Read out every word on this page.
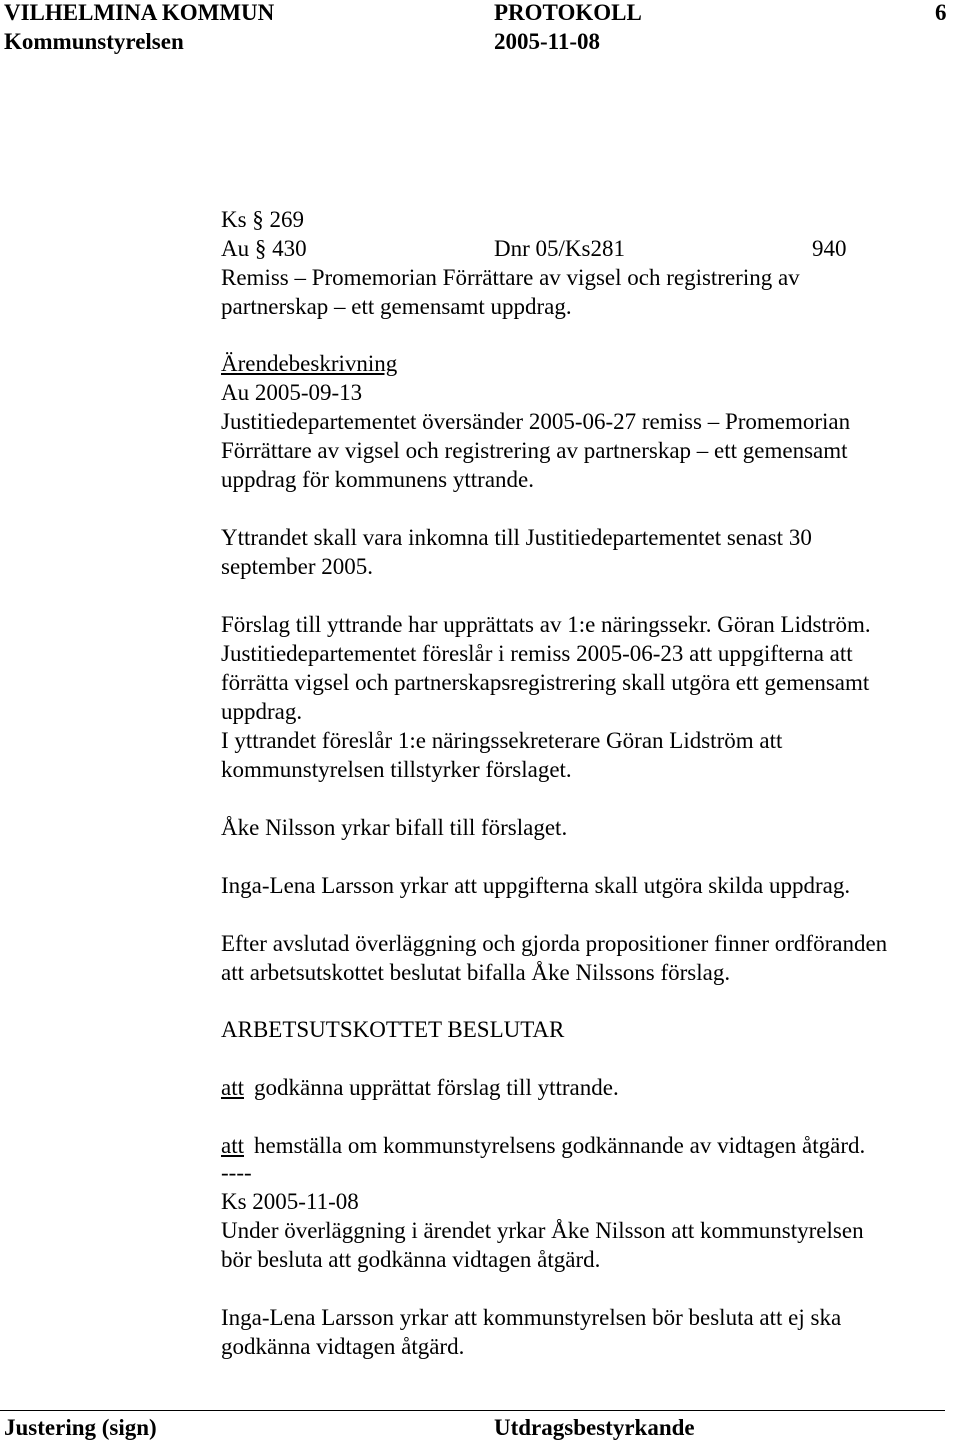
VILHELMINA KOMMUN	PROTOKOLL	6
Kommunstyrelsen	2005-11-08
Ks § 269
Au § 430	Dnr 05/Ks281	940
Remiss – Promemorian Förrättare av vigsel och registrering av
partnerskap – ett gemensamt uppdrag.
Ärendebeskrivning
Au 2005-09-13
Justitiedepartementet översänder 2005-06-27 remiss – Promemorian
Förrättare av vigsel och registrering av partnerskap – ett gemensamt
uppdrag för kommunens yttrande.
Yttrandet skall vara inkomna till Justitiedepartementet senast 30
september 2005.
Förslag till yttrande har upprättats av 1:e näringssekr. Göran Lidström.
Justitiedepartementet föreslår i remiss 2005-06-23 att uppgifterna att
förrätta vigsel och partnerskapsregistrering skall utgöra ett gemensamt
uppdrag.
I yttrandet föreslår 1:e näringssekreterare Göran Lidström att
kommunstyrelsen tillstyrker förslaget.
Åke Nilsson yrkar bifall till förslaget.
Inga-Lena Larsson yrkar att uppgifterna skall utgöra skilda uppdrag.
Efter avslutad överläggning och gjorda propositioner finner ordföranden
att arbetsutskottet beslutat bifalla Åke Nilssons förslag.
ARBETSUTSKOTTET BESLUTAR
att godkänna upprättat förslag till yttrande.
att hemställa om kommunstyrelsens godkännande av vidtagen åtgärd.
----
Ks 2005-11-08
Under överläggning i ärendet yrkar Åke Nilsson att kommunstyrelsen
bör besluta att godkänna vidtagen åtgärd.
Inga-Lena Larsson yrkar att kommunstyrelsen bör besluta att ej ska
godkänna vidtagen åtgärd.
Justering (sign)	Utdragsbestyrkande
